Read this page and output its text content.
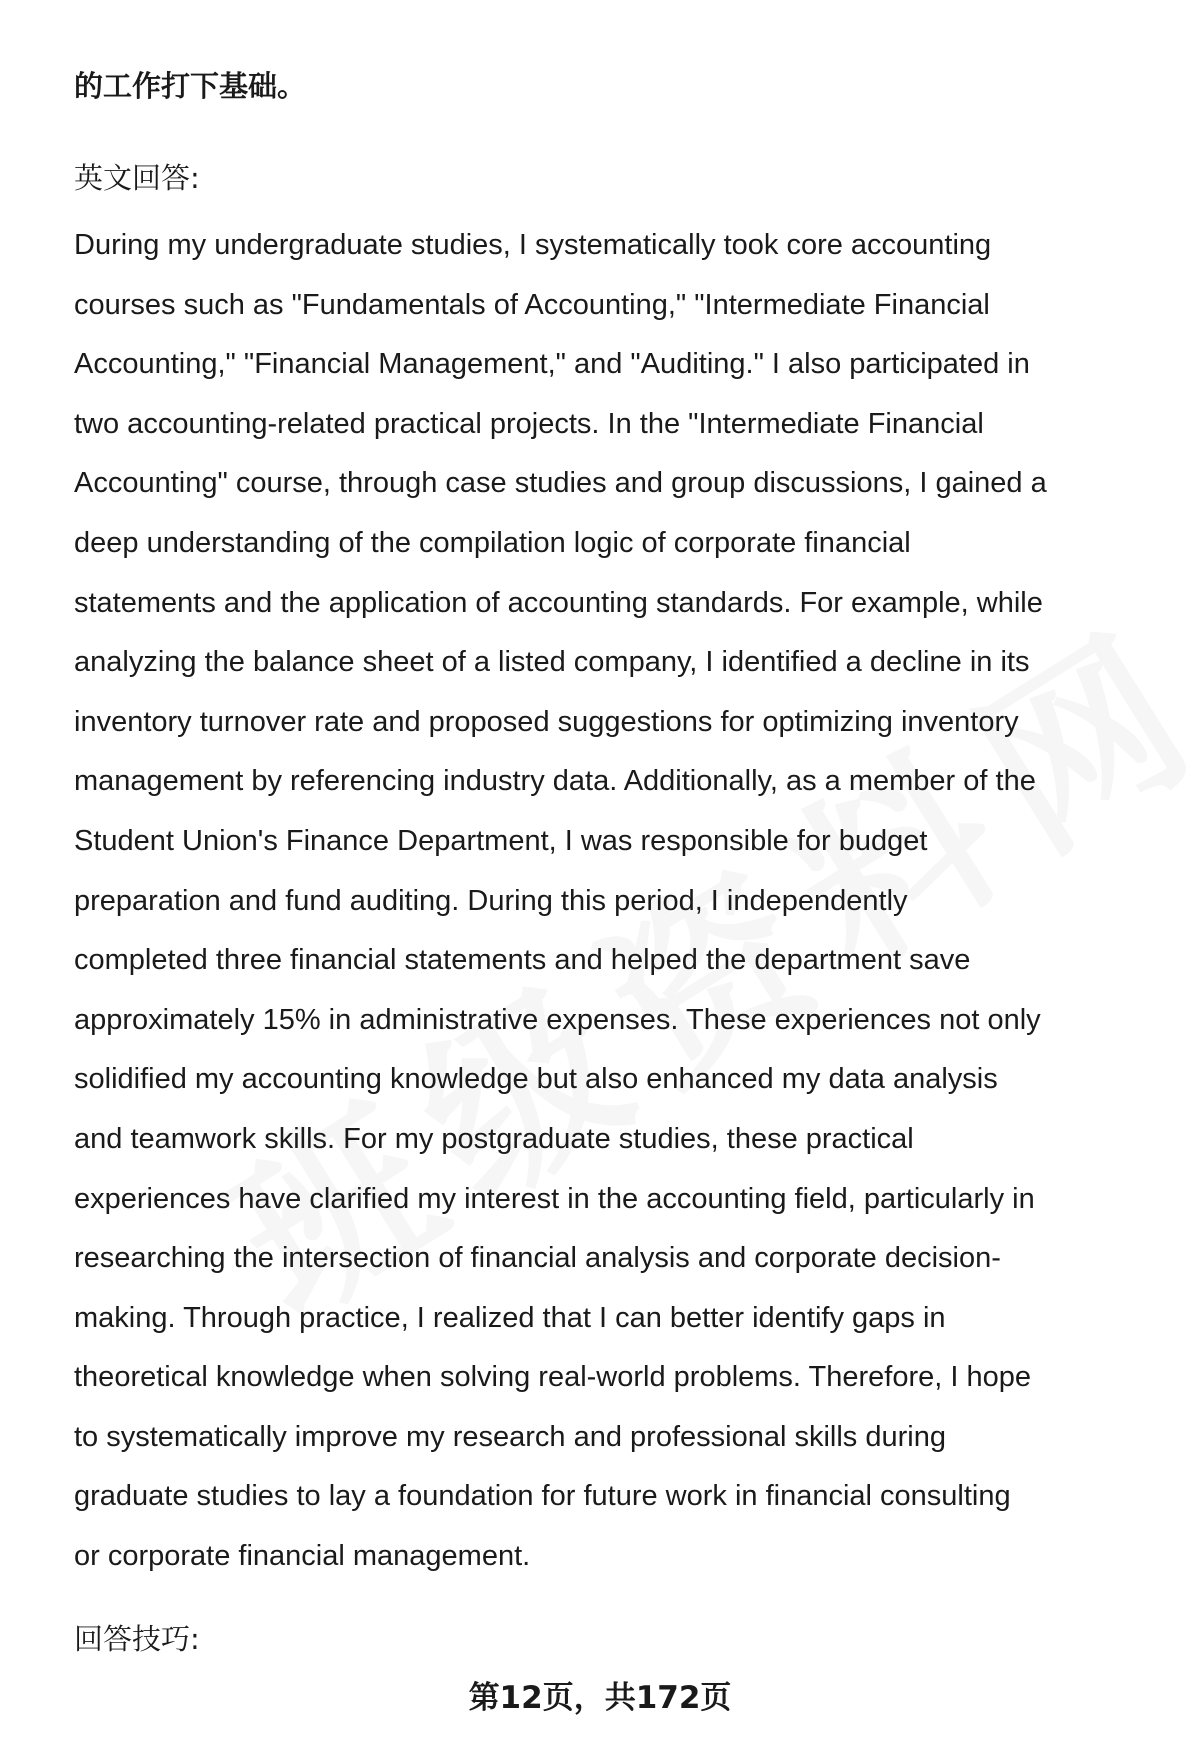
的工作打下基础。
英文回答:
During my undergraduate studies, I systematically took core accounting
courses such as "Fundamentals of Accounting," "Intermediate Financial
Accounting," "Financial Management," and "Auditing." I also participated in
two accounting-related practical projects. In the "Intermediate Financial
Accounting" course, through case studies and group discussions, I gained a
deep understanding of the compilation logic of corporate financial
statements and the application of accounting standards. For example, while
analyzing the balance sheet of a listed company, I identified a decline in its
inventory turnover rate and proposed suggestions for optimizing inventory
management by referencing industry data. Additionally, as a member of the
Student Union's Finance Department, I was responsible for budget
preparation and fund auditing. During this period, I independently
completed three financial statements and helped the department save
approximately 15% in administrative expenses. These experiences not only
solidified my accounting knowledge but also enhanced my data analysis
and teamwork skills. For my postgraduate studies, these practical
experiences have clarified my interest in the accounting field, particularly in
researching the intersection of financial analysis and corporate decision-
making. Through practice, I realized that I can better identify gaps in
theoretical knowledge when solving real-world problems. Therefore, I hope
to systematically improve my research and professional skills during
graduate studies to lay a foundation for future work in financial consulting
or corporate financial management.
回答技巧:
第12页，共172页
